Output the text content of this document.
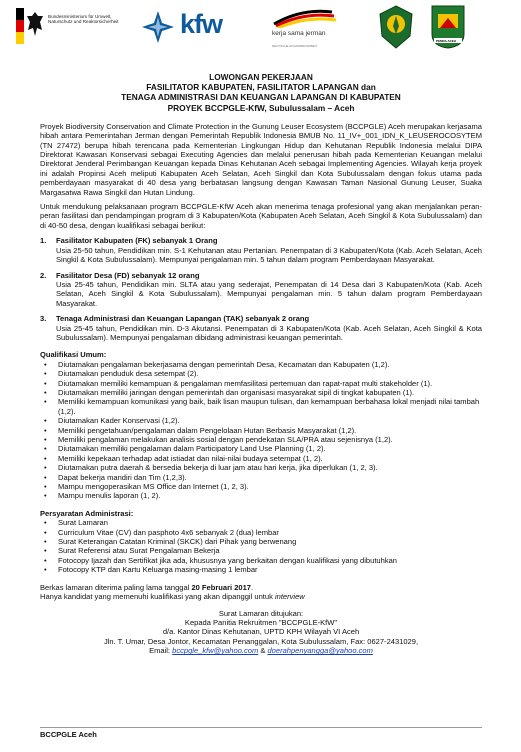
Bundesministerium für Umwelt, Naturschutz und Reaktorsicherheit	kfw	kerja sama jerman
DEUTSCHE ZUSAMMENARBEIT
PEMDA ACEH
LOWONGAN PEKERJAAN
FASILITATOR KABUPATEN, FASILITATOR LAPANGAN dan
TENAGA ADMINISTRASI DAN KEUANGAN LAPANGAN DI KABUPATEN
PROYEK BCCPGLE-KfW, Subulussalam – Aceh

Proyek Biodiversity Conservation and Climate Protection in the Gunung Leuser Ecosystem (BCCPGLE) Aceh merupakan kerjasama hibah antara Pemerintahan Jerman dengan Pemerintah Republik Indonesia BMUB No. 11_IV+_001_IDN_K_LEUSEROCOSYTEM (TN 27472) berupa hibah terencana pada Kementerian Lingkungan Hidup dan Kehutanan Republik Indonesia melalui DIPA Direktorat Kawasan Konservasi sebagai Executing Agencies dan melalui penerusan hibah pada Kementerian Keuangan melalui Direktorat Jenderal Perimbangan Keuangan kepada Dinas Kehutanan Aceh sebagai Implementing Agencies. Wilayah kerja proyek ini adalah Propinsi Aceh meliputi Kabupaten Aceh Selatan, Aceh Singkil dan Kota Subulussalam dengan fokus utama pada pemberdayaan masyarakat di 40 desa yang berbatasan langsung dengan Kawasan Taman Nasional Gunung Leuser, Suaka Margasatwa Rawa Singkil dan Hutan Lindung.

Untuk mendukung pelaksanaan program BCCPGLE-KfW Aceh akan menerima tenaga profesional yang akan menjalankan peran-peran fasilitasi dan pendampingan program di 3 Kabupaten/Kota (Kabupaten Aceh Selatan, Aceh Singkil & Kota Subulussalam) dan di 40-50 desa, dengan kualifikasi sebagai berikut:

1.	Fasilitator Kabupaten (FK) sebanyak 1 Orang
Usia 25-50 tahun, Pendidikan min. S-1 Kehutanan atau Pertanian. Penempatan di 3 Kabupaten/Kota (Kab. Aceh Selatan, Aceh Singkil & Kota Subulussalam). Mempunyai pengalaman min. 5 tahun dalam program Pemberdayaan Masyarakat.
2.	Fasilitator Desa (FD) sebanyak 12 orang
Usia 25-45 tahun, Pendidikan min. SLTA atau yang sederajat, Penempatan di 14 Desa dari 3 Kabupaten/Kota (Kab. Aceh Selatan, Aceh Singkil & Kota Subulussalam). Mempunyai pengalaman min. 5 tahun dalam program Pemberdayaan Masyarakat.
3.	Tenaga Administrasi dan Keuangan Lapangan (TAK) sebanyak 2 orang
Usia 25-45 tahun, Pendidikan min. D-3 Akutansi. Penempatan di 3 Kabupaten/Kota (Kab. Aceh Selatan, Aceh Singkil & Kota Subulussalam). Mempunyai pengalaman dibidang administrasi keuangan pemerintah.
Qualifikasi Umum:
• Diutamakan pengalaman bekerjasama dengan pemerintah Desa, Kecamatan dan Kabupaten (1,2).
• Diutamakan penduduk desa setempat (2).
• Diutamakan memiliki kemampuan & pengalaman memfasilitasi pertemuan dan rapat-rapat multi stakeholder (1).
• Diutamakan memiliki jaringan dengan pemerintah dan organisasi masyarakat sipil di tingkat kabupaten (1).
• Memiliki kemampuan komunikasi yang baik, baik lisan maupun tulisan, dan kemampuan berbahasa lokal menjadi nilai tambah (1,2).
• Diutamakan Kader Konservasi (1,2).
• Memiliki pengetahuan/pengalaman dalam Pengelolaan Hutan Berbasis Masyarakat (1,2).
• Memiliki pengalaman melakukan analisis sosial dengan pendekatan SLA/PRA atau sejenisnya (1,2).
• Diutamakan memiliki pengalaman dalam Participatory Land Use Planning (1, 2).
• Memiliki kepekaan terhadap adat istiadat dan nilai-nilai budaya setempat (1, 2).
• Diutamakan putra daerah & bersedia bekerja di luar jam atau hari kerja, jika diperlukan (1, 2, 3).
• Dapat bekerja mandiri dan Tim (1,2,3).
• Mampu mengoperasikan MS Office dan Internet (1, 2, 3).
• Mampu menulis laporan (1, 2).
Persyaratan Administrasi:
• Surat Lamaran
• Curriculum Vitae (CV) dan pasphoto 4x6 sebanyak 2 (dua) lembar
• Surat Keterangan Catatan Kriminal (SKCK) dari Pihak yang berwenang
• Surat Referensi atau Surat Pengalaman Bekerja
• Fotocopy Ijazah dan Sertifikat jika ada, khususnya yang berkaitan dengan kualifikasi yang dibutuhkan
• Fotocopy KTP dan Kartu Keluarga masing-masing 1 lembar
Berkas lamaran diterima paling lama tanggal 20 Februari 2017.
Hanya kandidat yang memenuhi kualifikasi yang akan dipanggil untuk interview
Surat Lamaran ditujukan:
Kepada Panitia Rekruitmen "BCCPGLE-KfW"
d/a. Kantor Dinas Kehutanan, UPTD KPH Wilayah VI Aceh
Jln. T. Umar, Desa Jontor, Kecamatan Penanggalan, Kota Subulussalam, Fax: 0627-2431029,
Email: bccpgle_kfw@yahoo.com & doerahpenyangga@yahoo.com
BCCPGLE Aceh
